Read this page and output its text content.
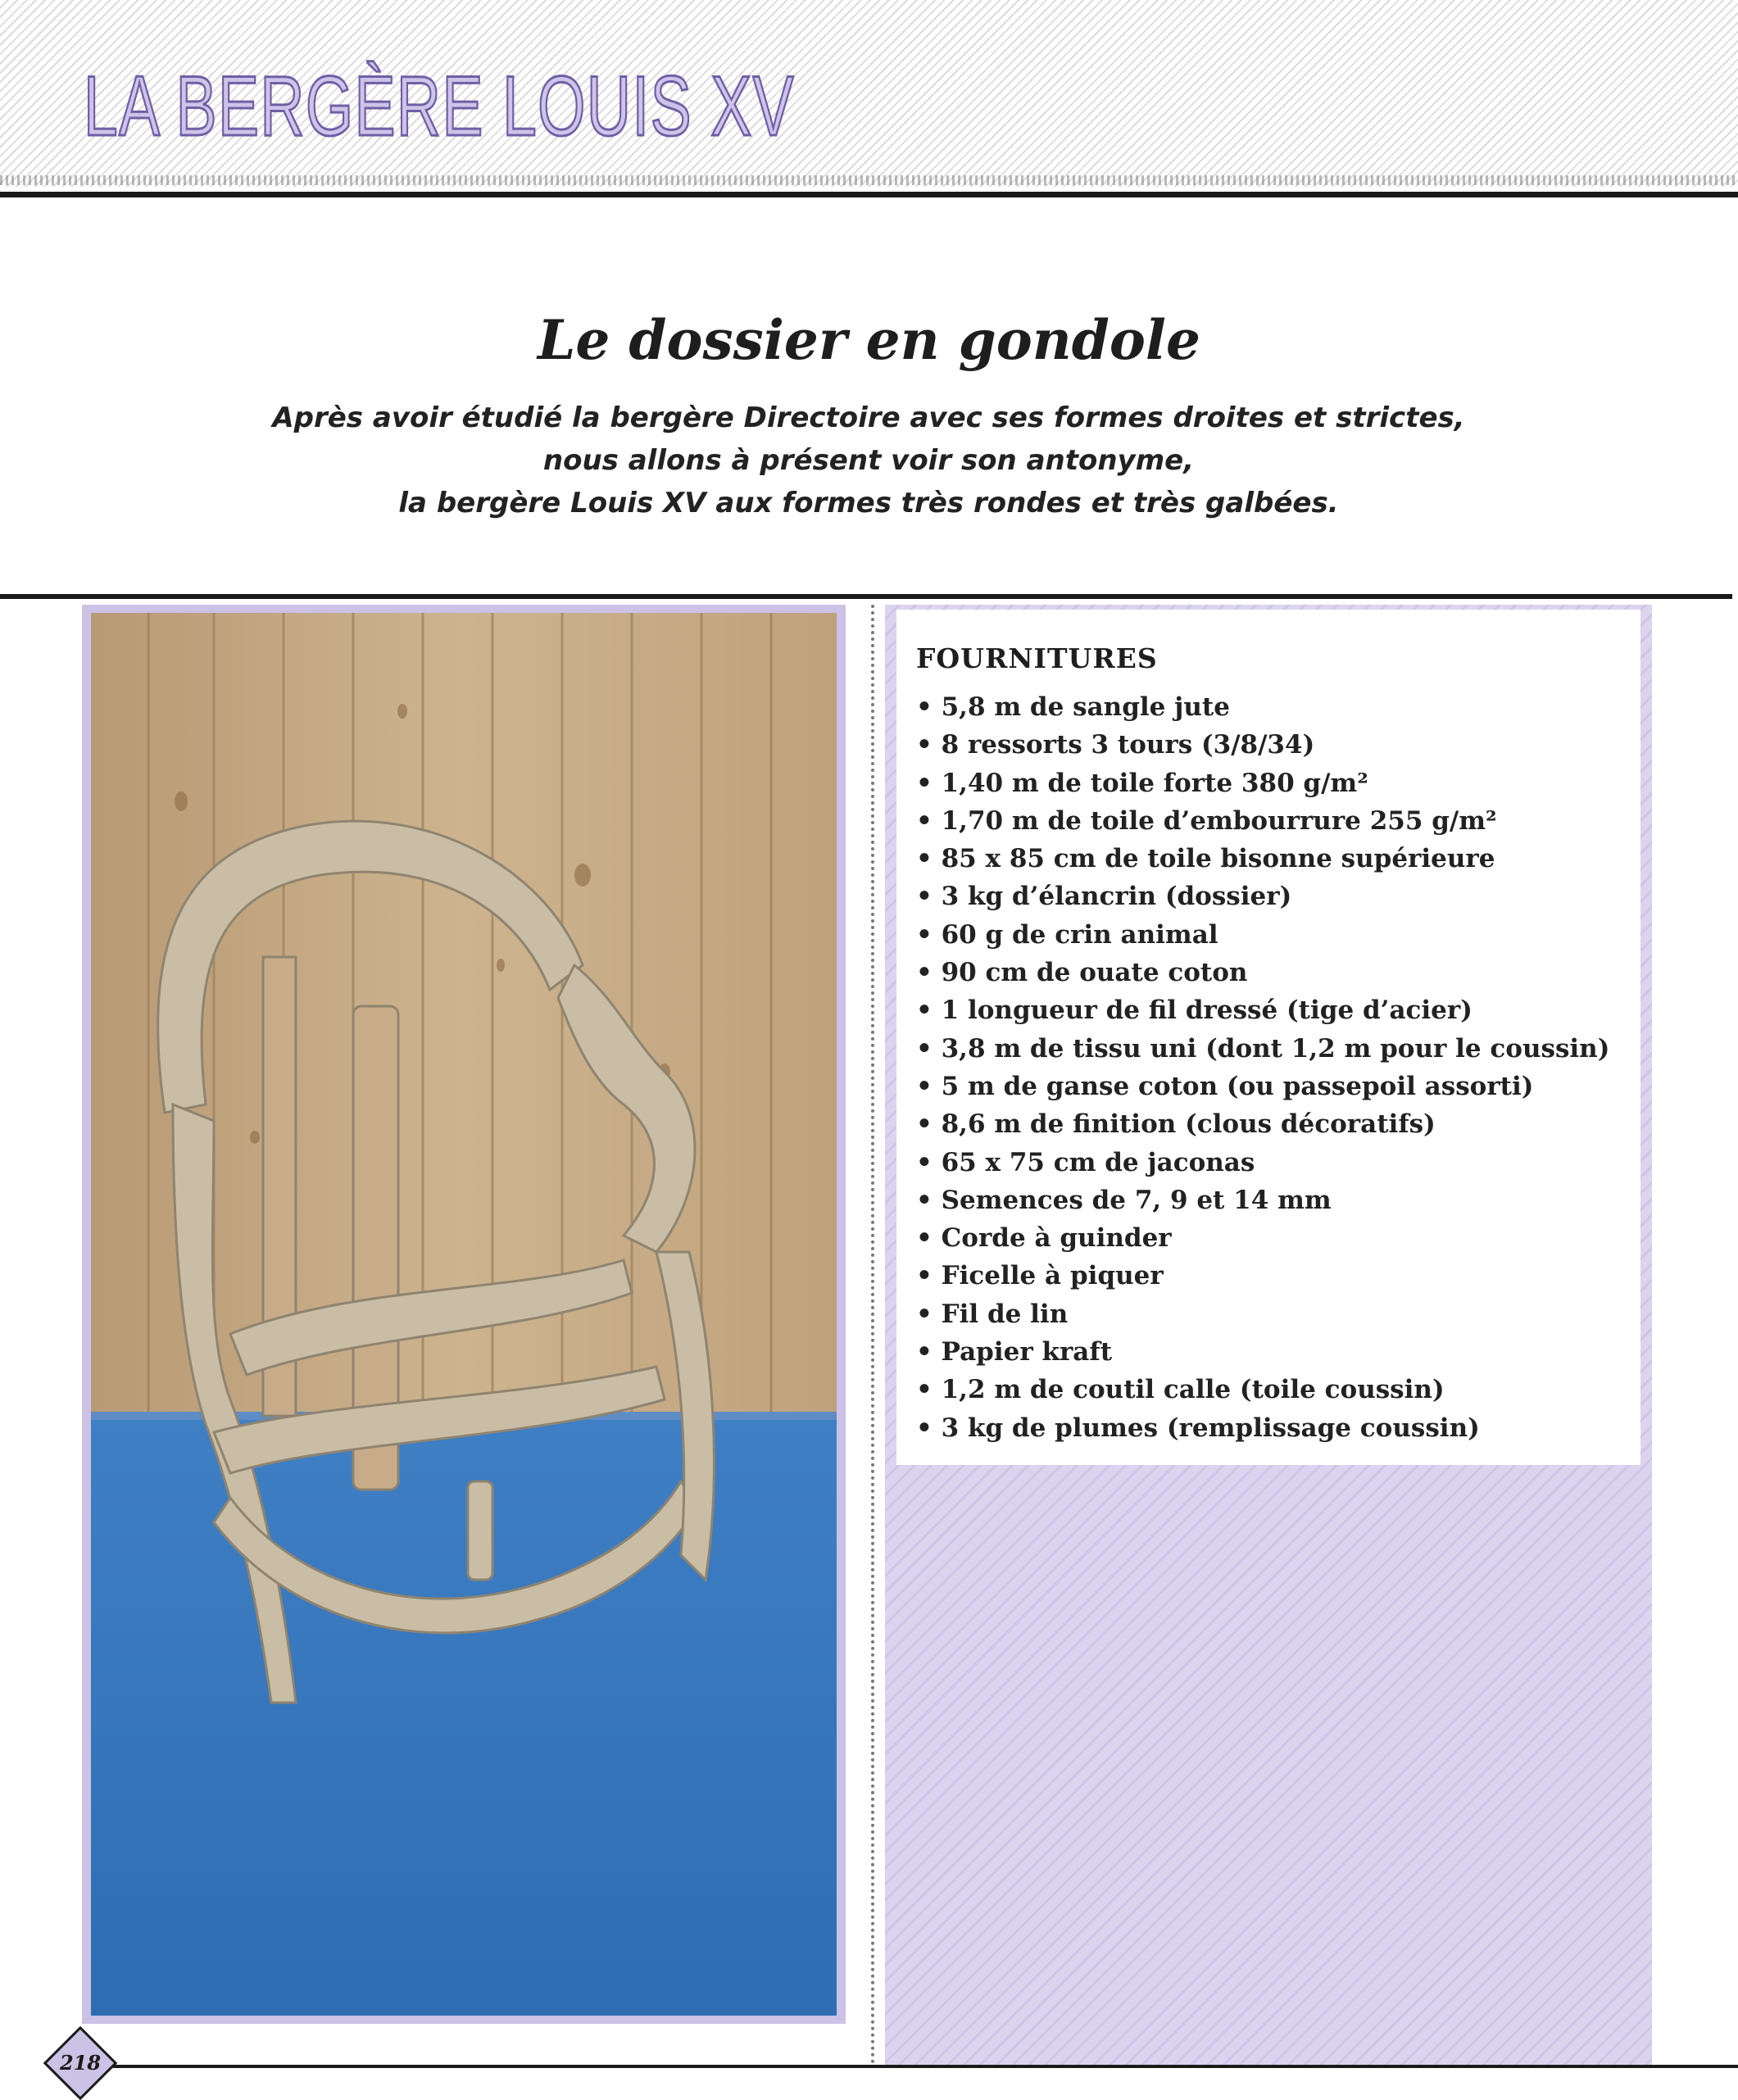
LA BERGÈRE LOUIS XV
Le dossier en gondole

Après avoir étudié la bergère Directoire avec ses formes droites et strictes,

nous allons à présent voir son antonyme,

la bergère Louis XV aux formes très rondes et très galbées.

FOURNITURES
• 5,8 m de sangle jute
• 8 ressorts 3 tours (3/8/34)
• 1,40 m de toile forte 380 g/m²
• 1,70 m de toile d’embourrure 255 g/m²
• 85 x 85 cm de toile bisonne supérieure
• 3 kg d’élancrin (dossier)
• 60 g de crin animal
• 90 cm de ouate coton
• 1 longueur de fil dressé (tige d’acier)
• 3,8 m de tissu uni (dont 1,2 m pour le coussin)
• 5 m de ganse coton (ou passepoil assorti)
• 8,6 m de finition (clous décoratifs)
• 65 x 75 cm de jaconas
• Semences de 7, 9 et 14 mm
• Corde à guinder
• Ficelle à piquer
• Fil de lin
• Papier kraft
• 1,2 m de coutil calle (toile coussin)
• 3 kg de plumes (remplissage coussin)
218
